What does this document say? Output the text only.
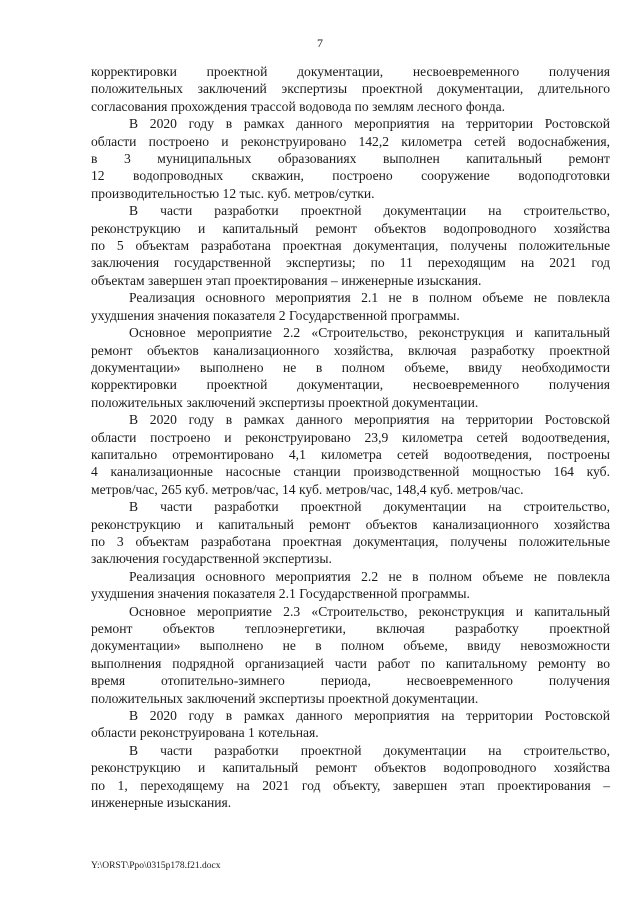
7

корректировки проектной документации, несвоевременного получения
положительных заключений экспертизы проектной документации, длительного
согласования прохождения трассой водовода по землям лесного фонда.

В 2020 году в рамках данного мероприятия на территории Ростовской
области построено и реконструировано 142,2 километра сетей водоснабжения,
в 3 муниципальных образованиях выполнен капитальный ремонт
12 водопроводных скважин, построено сооружение водоподготовки
производительностью 12 тыс. куб. метров/сутки.

В части разработки проектной документации на строительство,
реконструкцию и капитальный ремонт объектов водопроводного хозяйства
по 5 объектам разработана проектная документация, получены положительные
заключения государственной экспертизы; по 11 переходящим на 2021 год
объектам завершен этап проектирования – инженерные изыскания.

Реализация основного мероприятия 2.1 не в полном объеме не повлекла
ухудшения значения показателя 2 Государственной программы.

Основное мероприятие 2.2 «Строительство, реконструкция и капитальный
ремонт объектов канализационного хозяйства, включая разработку проектной
документации» выполнено не в полном объеме, ввиду необходимости
корректировки проектной документации, несвоевременного получения
положительных заключений экспертизы проектной документации.

В 2020 году в рамках данного мероприятия на территории Ростовской
области построено и реконструировано 23,9 километра сетей водоотведения,
капитально отремонтировано 4,1 километра сетей водоотведения, построены
4 канализационные насосные станции производственной мощностью 164 куб.
метров/час, 265 куб. метров/час, 14 куб. метров/час, 148,4 куб. метров/час.

В части разработки проектной документации на строительство,
реконструкцию и капитальный ремонт объектов канализационного хозяйства
по 3 объектам разработана проектная документация, получены положительные
заключения государственной экспертизы.

Реализация основного мероприятия 2.2 не в полном объеме не повлекла
ухудшения значения показателя 2.1 Государственной программы.

Основное мероприятие 2.3 «Строительство, реконструкция и капитальный
ремонт объектов теплоэнергетики, включая разработку проектной
документации» выполнено не в полном объеме, ввиду невозможности
выполнения подрядной организацией части работ по капитальному ремонту во
время отопительно-зимнего периода, несвоевременного получения
положительных заключений экспертизы проектной документации.

В 2020 году в рамках данного мероприятия на территории Ростовской
области реконструирована 1 котельная.

В части разработки проектной документации на строительство,
реконструкцию и капитальный ремонт объектов водопроводного хозяйства
по 1, переходящему на 2021 год объекту, завершен этап проектирования –
инженерные изыскания.

Y:\ORST\Ppo\0315p178.f21.docx
